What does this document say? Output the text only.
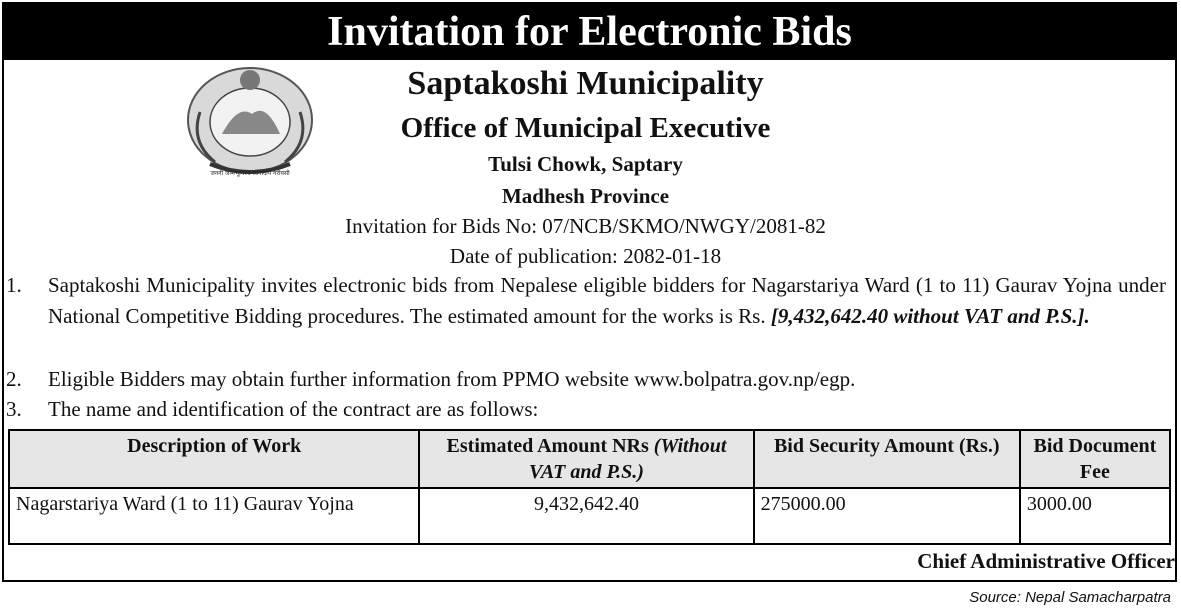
Invitation for Electronic Bids
जननी जन्मभूमिश्च स्वर्गादपि गरीयसी
Saptakoshi Municipality
Office of Municipal Executive
Tulsi Chowk, Saptary
Madhesh Province
Invitation for Bids No: 07/NCB/SKMO/NWGY/2081-82
Date of publication: 2082-01-18
1. Saptakoshi Municipality invites electronic bids from Nepalese eligible bidders for Nagarstariya Ward (1 to 11) Gaurav Yojna under National Competitive Bidding procedures. The estimated amount for the works is Rs. [9,432,642.40 without VAT and P.S.].
2. Eligible Bidders may obtain further information from PPMO website www.bolpatra.gov.np/egp.
3. The name and identification of the contract are as follows:
Description of Work	Estimated Amount NRs (Without VAT and P.S.)	Bid Security Amount (Rs.)	Bid Document Fee
Nagarstariya Ward (1 to 11) Gaurav Yojna	9,432,642.40	275000.00	3000.00
Chief Administrative Officer
Source: Nepal Samacharpatra
